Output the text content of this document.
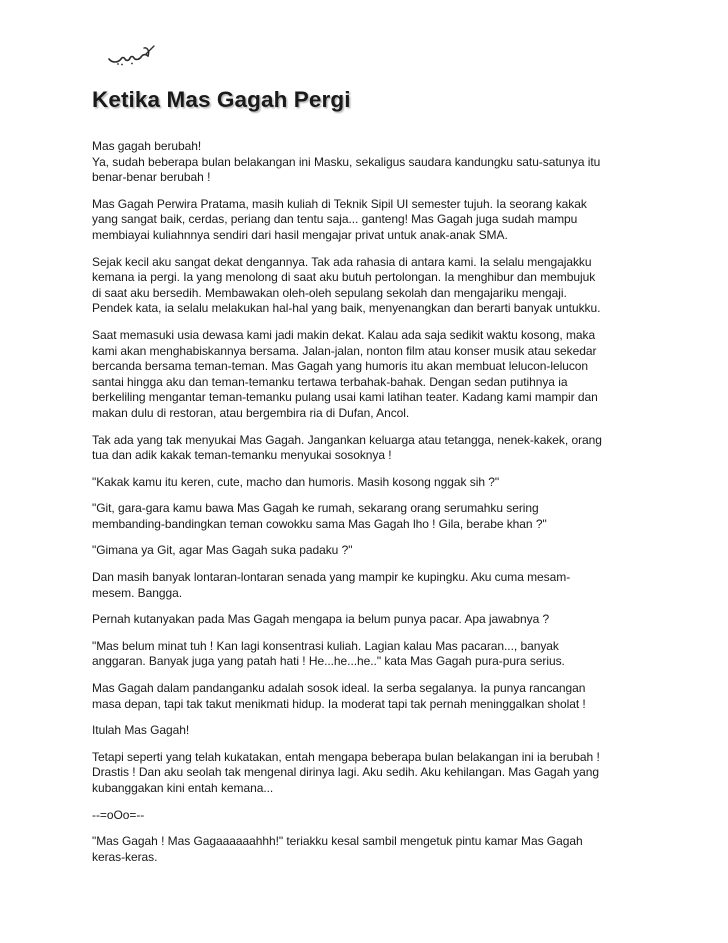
Ketika Mas Gagah Pergi

Mas gagah berubah!
Ya, sudah beberapa bulan belakangan ini Masku, sekaligus saudara kandungku satu-satunya itu
benar-benar berubah !

Mas Gagah Perwira Pratama, masih kuliah di Teknik Sipil UI semester tujuh. Ia seorang kakak
yang sangat baik, cerdas, periang dan tentu saja... ganteng! Mas Gagah juga sudah mampu
membiayai kuliahnnya sendiri dari hasil mengajar privat untuk anak-anak SMA.

Sejak kecil aku sangat dekat dengannya. Tak ada rahasia di antara kami. Ia selalu mengajakku
kemana ia pergi. Ia yang menolong di saat aku butuh pertolongan. Ia menghibur dan membujuk
di saat aku bersedih. Membawakan oleh-oleh sepulang sekolah dan mengajariku mengaji.
Pendek kata, ia selalu melakukan hal-hal yang baik, menyenangkan dan berarti banyak untukku.

Saat memasuki usia dewasa kami jadi makin dekat. Kalau ada saja sedikit waktu kosong, maka
kami akan menghabiskannya bersama. Jalan-jalan, nonton film atau konser musik atau sekedar
bercanda bersama teman-teman. Mas Gagah yang humoris itu akan membuat lelucon-lelucon
santai hingga aku dan teman-temanku tertawa terbahak-bahak. Dengan sedan putihnya ia
berkeliling mengantar teman-temanku pulang usai kami latihan teater. Kadang kami mampir dan
makan dulu di restoran, atau bergembira ria di Dufan, Ancol.

Tak ada yang tak menyukai Mas Gagah. Jangankan keluarga atau tetangga, nenek-kakek, orang
tua dan adik kakak teman-temanku menyukai sosoknya !

"Kakak kamu itu keren, cute, macho dan humoris. Masih kosong nggak sih ?"

"Git, gara-gara kamu bawa Mas Gagah ke rumah, sekarang orang serumahku sering
membanding-bandingkan teman cowokku sama Mas Gagah lho ! Gila, berabe khan ?"

"Gimana ya Git, agar Mas Gagah suka padaku ?"

Dan masih banyak lontaran-lontaran senada yang mampir ke kupingku. Aku cuma mesam-
mesem. Bangga.

Pernah kutanyakan pada Mas Gagah mengapa ia belum punya pacar. Apa jawabnya ?

"Mas belum minat tuh ! Kan lagi konsentrasi kuliah. Lagian kalau Mas pacaran..., banyak
anggaran. Banyak juga yang patah hati ! He...he...he.." kata Mas Gagah pura-pura serius.

Mas Gagah dalam pandanganku adalah sosok ideal. Ia serba segalanya. Ia punya rancangan
masa depan, tapi tak takut menikmati hidup. Ia moderat tapi tak pernah meninggalkan sholat !

Itulah Mas Gagah!

Tetapi seperti yang telah kukatakan, entah mengapa beberapa bulan belakangan ini ia berubah !
Drastis ! Dan aku seolah tak mengenal dirinya lagi. Aku sedih. Aku kehilangan. Mas Gagah yang
kubanggakan kini entah kemana...

--=oOo=--

"Mas Gagah ! Mas Gagaaaaaahhh!" teriakku kesal sambil mengetuk pintu kamar Mas Gagah
keras-keras.
